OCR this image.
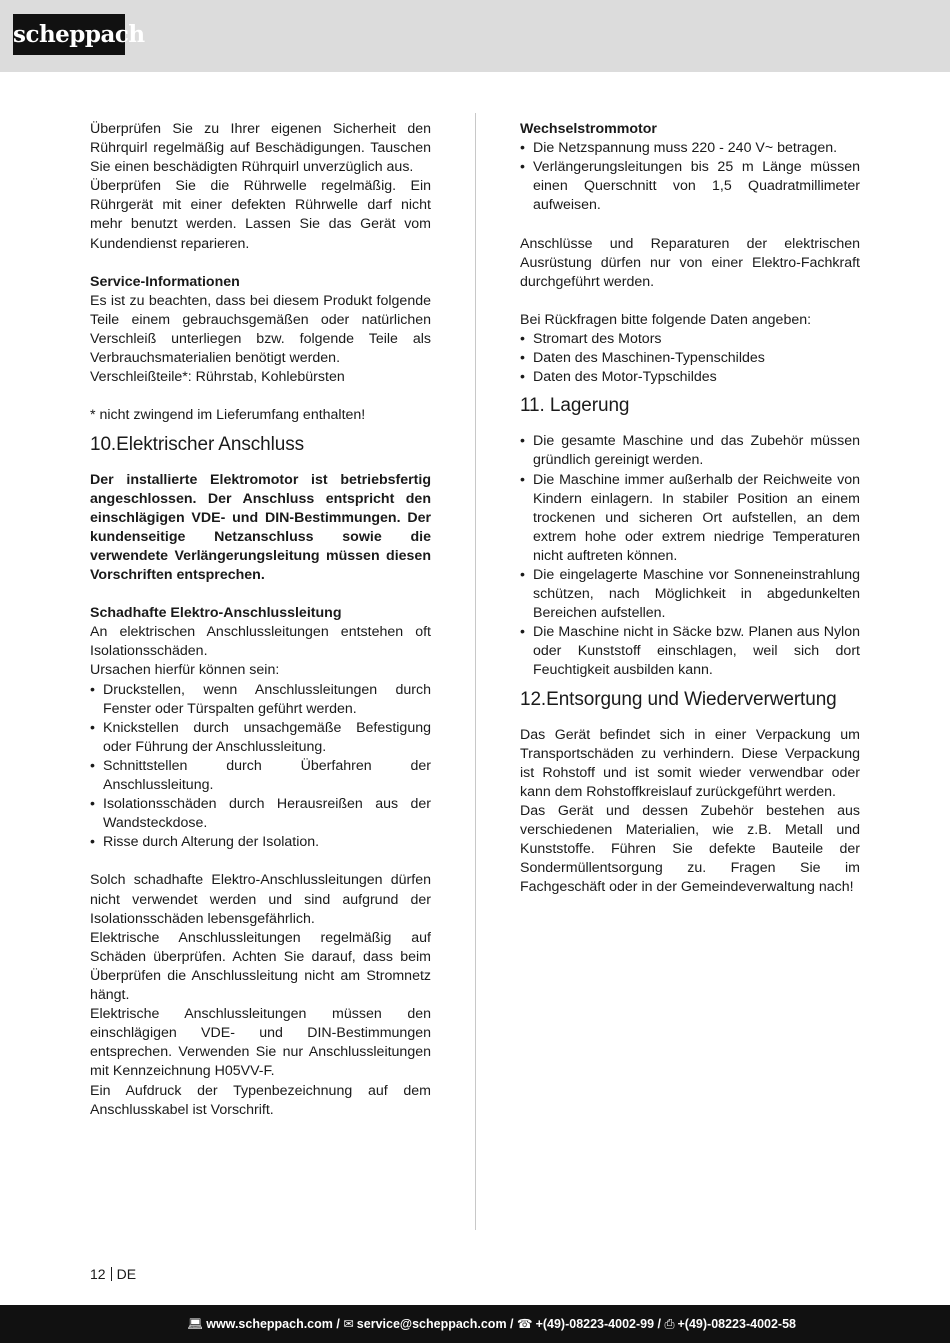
scheppach

Überprüfen Sie zu Ihrer eigenen Sicherheit den Rührquirl regelmäßig auf Beschädigungen. Tauschen Sie einen beschädigten Rührquirl unverzüglich aus.

Überprüfen Sie die Rührwelle regelmäßig. Ein Rührgerät mit einer defekten Rührwelle darf nicht mehr benutzt werden. Lassen Sie das Gerät vom Kundendienst reparieren.

Service-Informationen

Es ist zu beachten, dass bei diesem Produkt folgende Teile einem gebrauchsgemäßen oder natürlichen Verschleiß unterliegen bzw. folgende Teile als Verbrauchsmaterialien benötigt werden.

Verschleißteile*: Rührstab, Kohlebürsten

* nicht zwingend im Lieferumfang enthalten!

10.Elektrischer Anschluss

Der installierte Elektromotor ist betriebsfertig angeschlossen. Der Anschluss entspricht den einschlägigen VDE- und DIN-Bestimmungen. Der kundenseitige Netzanschluss sowie die verwendete Verlängerungsleitung müssen diesen Vorschriften entsprechen.

Schadhafte Elektro-Anschlussleitung

An elektrischen Anschlussleitungen entstehen oft Isolationsschäden.

Ursachen hierfür können sein:

• Druckstellen, wenn Anschlussleitungen durch Fenster oder Türspalten geführt werden.
• Knickstellen durch unsachgemäße Befestigung oder Führung der Anschlussleitung.
• Schnittstellen durch Überfahren der Anschlussleitung.
• Isolationsschäden durch Herausreißen aus der Wandsteckdose.
• Risse durch Alterung der Isolation.

Solch schadhafte Elektro-Anschlussleitungen dürfen nicht verwendet werden und sind aufgrund der Isolationsschäden lebensgefährlich.

Elektrische Anschlussleitungen regelmäßig auf Schäden überprüfen. Achten Sie darauf, dass beim Überprüfen die Anschlussleitung nicht am Stromnetz hängt.

Elektrische Anschlussleitungen müssen den einschlägigen VDE- und DIN-Bestimmungen entsprechen. Verwenden Sie nur Anschlussleitungen mit Kennzeichnung H05VV-F.

Ein Aufdruck der Typenbezeichnung auf dem Anschlusskabel ist Vorschrift.

Wechselstrommotor

• Die Netzspannung muss 220 - 240 V~ betragen.
• Verlängerungsleitungen bis 25 m Länge müssen einen Querschnitt von 1,5 Quadratmillimeter aufweisen.

Anschlüsse und Reparaturen der elektrischen Ausrüstung dürfen nur von einer Elektro-Fachkraft durchgeführt werden.

Bei Rückfragen bitte folgende Daten angeben:

• Stromart des Motors
• Daten des Maschinen-Typenschildes
• Daten des Motor-Typschildes
11. Lagerung
• Die gesamte Maschine und das Zubehör müssen gründlich gereinigt werden.
• Die Maschine immer außerhalb der Reichweite von Kindern einlagern. In stabiler Position an einem trockenen und sicheren Ort aufstellen, an dem extrem hohe oder extrem niedrige Temperaturen nicht auftreten können.
• Die eingelagerte Maschine vor Sonneneinstrahlung schützen, nach Möglichkeit in abgedunkelten Bereichen aufstellen.
• Die Maschine nicht in Säcke bzw. Planen aus Nylon oder Kunststoff einschlagen, weil sich dort Feuchtigkeit ausbilden kann.
12.Entsorgung und Wiederverwertung

Das Gerät befindet sich in einer Verpackung um Transportschäden zu verhindern. Diese Verpackung ist Rohstoff und ist somit wieder verwendbar oder kann dem Rohstoffkreislauf zurückgeführt werden.

Das Gerät und dessen Zubehör bestehen aus verschiedenen Materialien, wie z.B. Metall und Kunststoffe. Führen Sie defekte Bauteile der Sondermüllentsorgung zu. Fragen Sie im Fachgeschäft oder in der Gemeindeverwaltung nach!

12 DE
💻︎ www.scheppach.com / ✉︎ service@scheppach.com / ☎︎ +(49)-08223-4002-99 / ⎙ +(49)-08223-4002-58
